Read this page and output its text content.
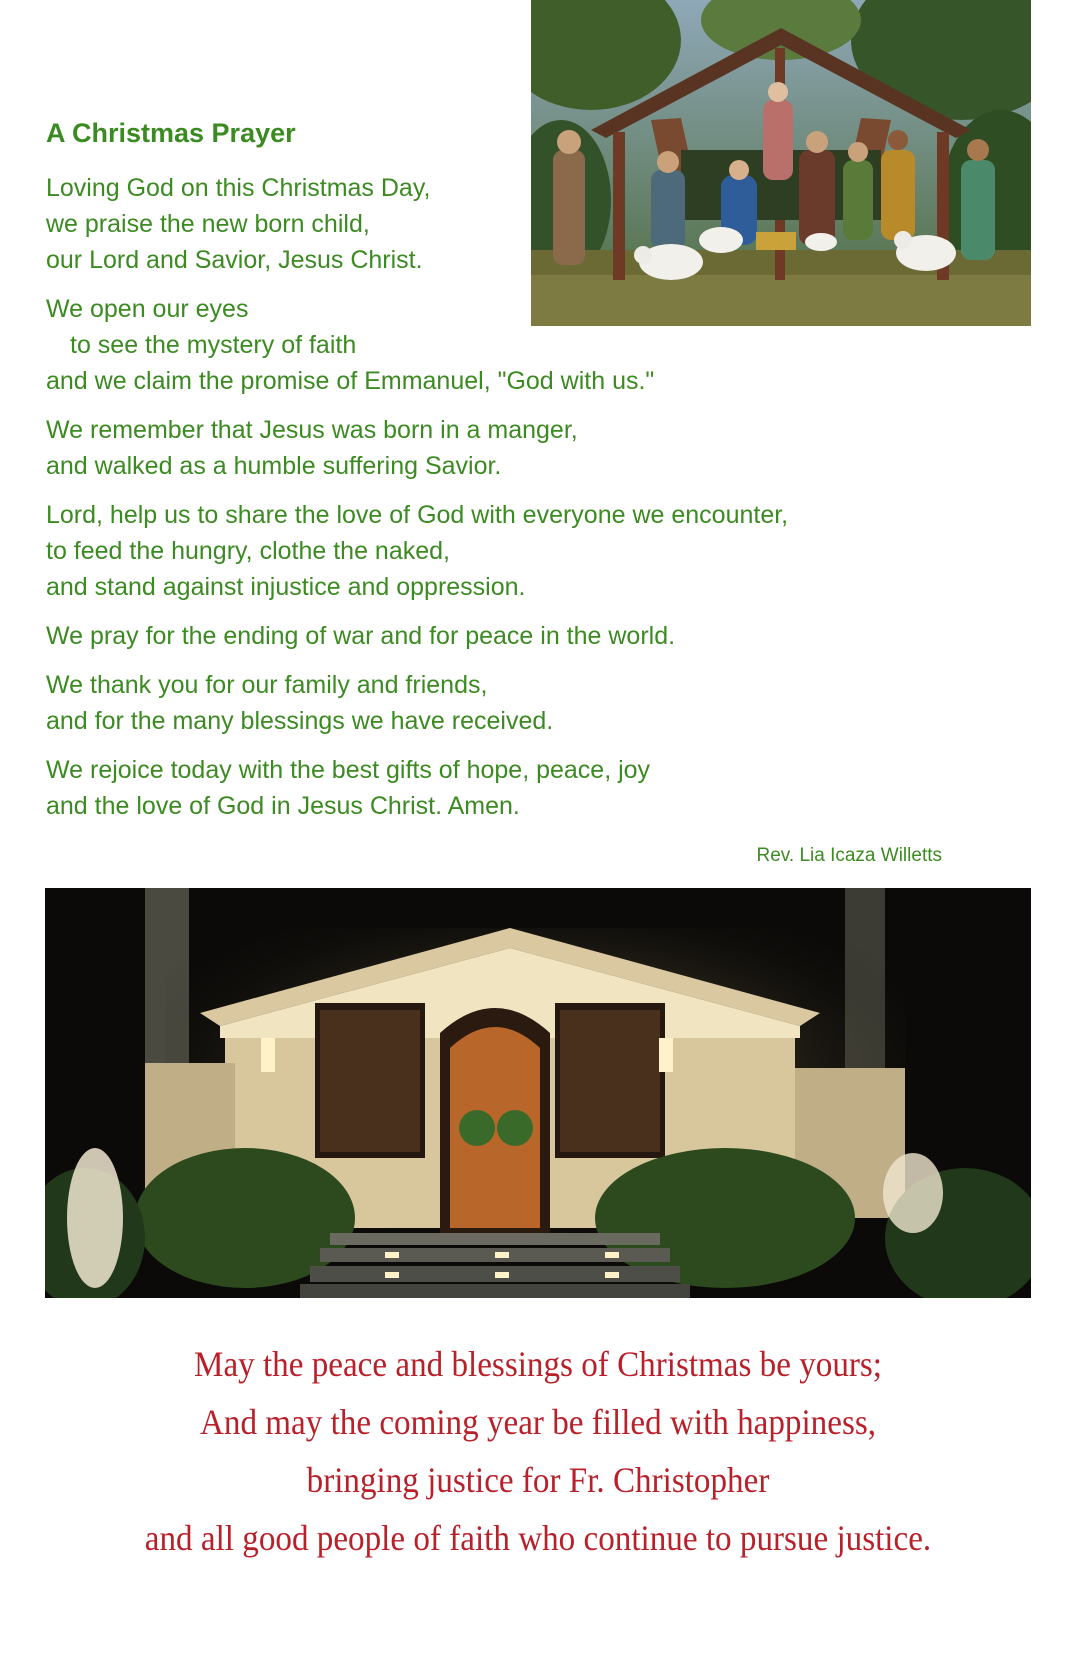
A Christmas Prayer

Loving God on this Christmas Day,
we praise the new born child,
our Lord and Savior, Jesus Christ.

We open our eyes
to see the mystery of faith
and we claim the promise of Emmanuel, "God with us."

We remember that Jesus was born in a manger,
and walked as a humble suffering Savior.

Lord, help us to share the love of God with everyone we encounter,
to feed the hungry, clothe the naked,
and stand against injustice and oppression.

We pray for the ending of war and for peace in the world.

We thank you for our family and friends,
and for the many blessings we have received.

We rejoice today with the best gifts of hope, peace, joy
and the love of God in Jesus Christ. Amen.

Rev. Lia Icaza Willetts
May the peace and blessings of Christmas be yours;
And may the coming year be filled with happiness,
bringing justice for Fr. Christopher
and all good people of faith who continue to pursue justice.
